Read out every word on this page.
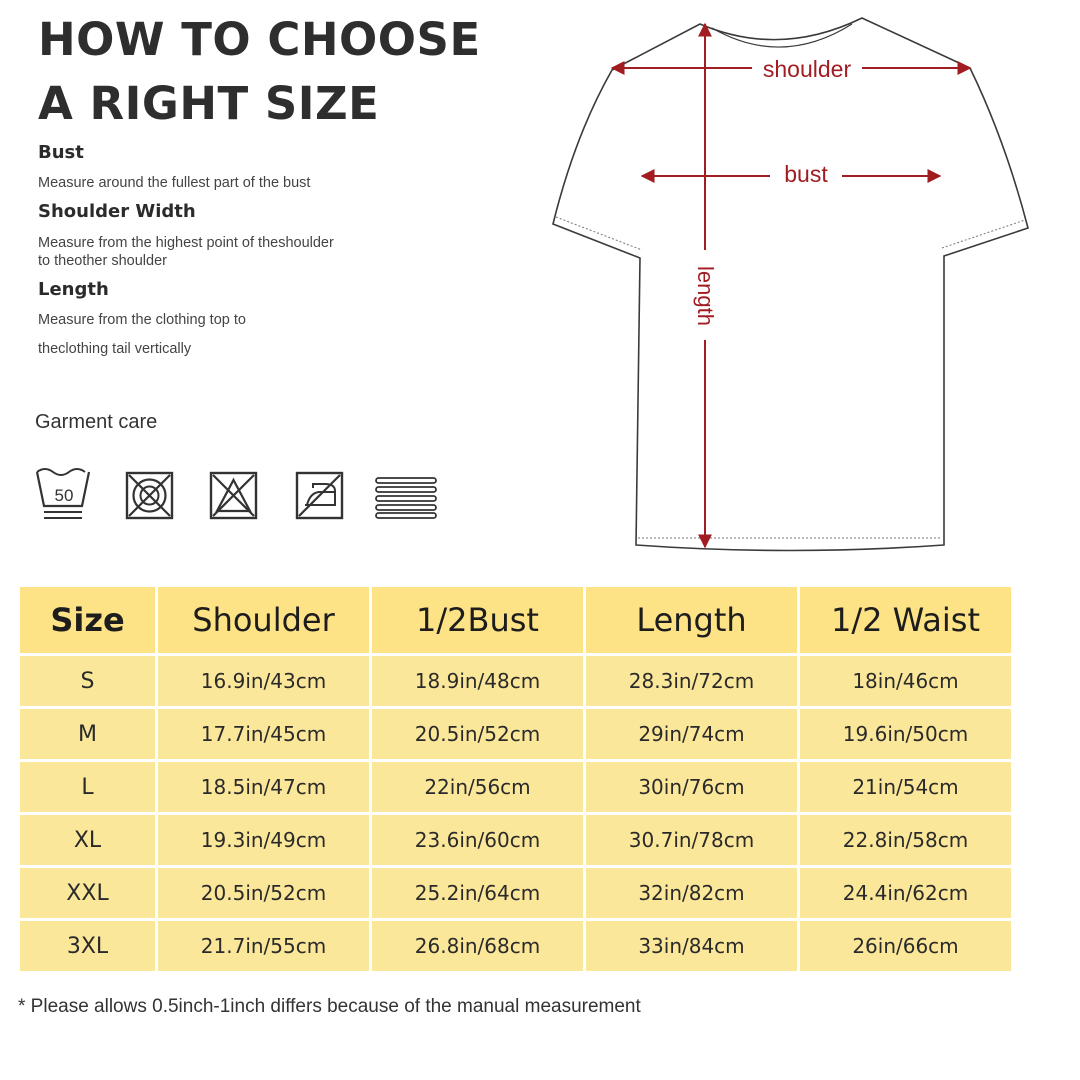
HOW TO CHOOSE
A RIGHT SIZE
Bust
Measure around the fullest part of the bust
Shoulder Width
Measure from the highest point of theshoulder
to theother shoulder
Length
Measure from the clothing top to
theclothing tail vertically
Garment care
50
shoulder
bust
length
Size	Shoulder	1/2Bust	Length	1/2 Waist
S	16.9in/43cm	18.9in/48cm	28.3in/72cm	18in/46cm
M	17.7in/45cm	20.5in/52cm	29in/74cm	19.6in/50cm
L	18.5in/47cm	22in/56cm	30in/76cm	21in/54cm
XL	19.3in/49cm	23.6in/60cm	30.7in/78cm	22.8in/58cm
XXL	20.5in/52cm	25.2in/64cm	32in/82cm	24.4in/62cm
3XL	21.7in/55cm	26.8in/68cm	33in/84cm	26in/66cm
* Please allows 0.5inch-1inch differs because of the manual measurement
